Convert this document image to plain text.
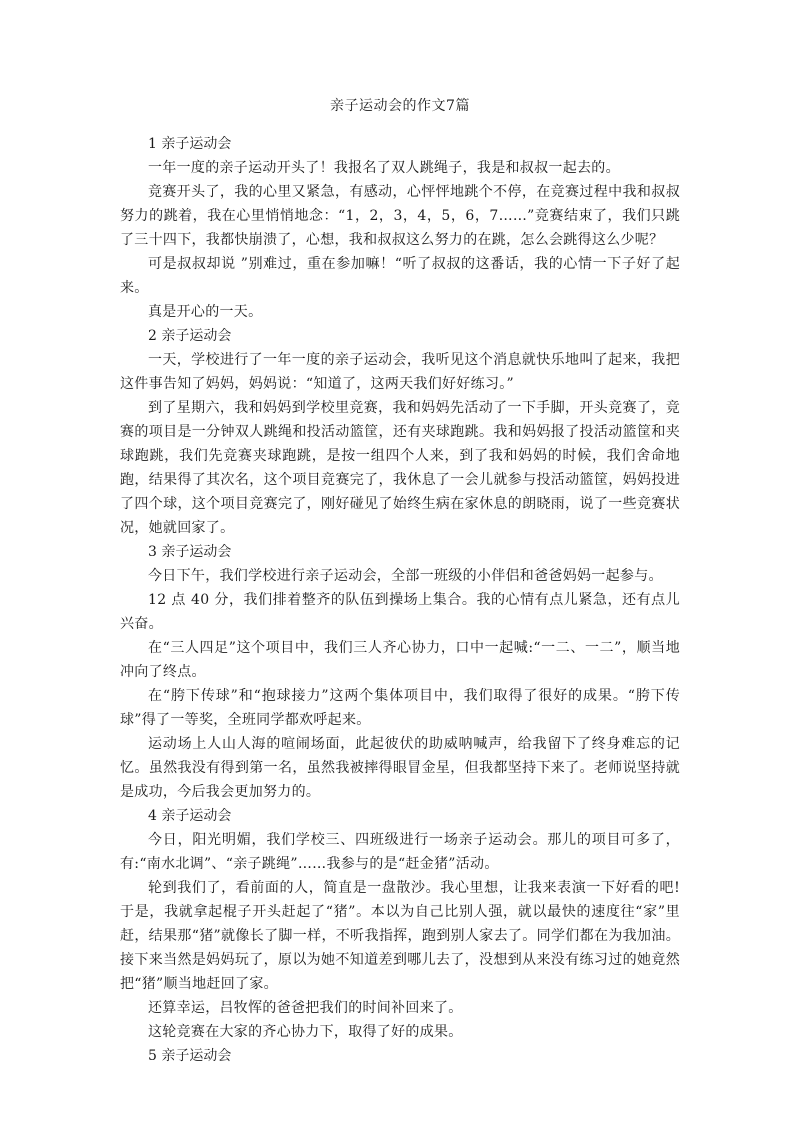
亲子运动会的作文7篇
1 亲子运动会

一年一度的亲子运动开头了！我报名了双人跳绳子，我是和叔叔一起去的。

竞赛开头了，我的心里又紧急，有感动，心怦怦地跳个不停，在竞赛过程中我和叔叔努力的跳着，我在心里悄悄地念：“1，2，3，4，5，6，7……”竞赛结束了，我们只跳了三十四下，我都快崩溃了，心想，我和叔叔这么努力的在跳，怎么会跳得这么少呢？

可是叔叔却说 ”别难过，重在参加嘛！“听了叔叔的这番话，我的心情一下子好了起来。

真是开心的一天。

2 亲子运动会

一天，学校进行了一年一度的亲子运动会，我听见这个消息就快乐地叫了起来，我把这件事告知了妈妈，妈妈说：“知道了，这两天我们好好练习。”

到了星期六，我和妈妈到学校里竞赛，我和妈妈先活动了一下手脚，开头竞赛了，竞赛的项目是一分钟双人跳绳和投活动篮筐，还有夹球跑跳。我和妈妈报了投活动篮筐和夹球跑跳，我们先竞赛夹球跑跳，是按一组四个人来，到了我和妈妈的时候，我们舍命地跑，结果得了其次名，这个项目竞赛完了，我休息了一会儿就参与投活动篮筐，妈妈投进了四个球，这个项目竞赛完了，刚好碰见了始终生病在家休息的朗晓雨，说了一些竞赛状况，她就回家了。

3 亲子运动会

今日下午，我们学校进行亲子运动会，全部一班级的小伴侣和爸爸妈妈一起参与。

12 点 40 分，我们排着整齐的队伍到操场上集合。我的心情有点儿紧急，还有点儿兴奋。

在“三人四足”这个项目中，我们三人齐心协力，口中一起喊:“一二、一二”，顺当地冲向了终点。

在“胯下传球”和“抱球接力”这两个集体项目中，我们取得了很好的成果。“胯下传球”得了一等奖，全班同学都欢呼起来。

运动场上人山人海的喧闹场面，此起彼伏的助威呐喊声，给我留下了终身难忘的记忆。虽然我没有得到第一名，虽然我被摔得眼冒金星，但我都坚持下来了。老师说坚持就是成功，今后我会更加努力的。

4 亲子运动会

今日，阳光明媚，我们学校三、四班级进行一场亲子运动会。那儿的项目可多了，有:“南水北调”、“亲子跳绳”……我参与的是“赶金猪”活动。

轮到我们了，看前面的人，简直是一盘散沙。我心里想，让我来表演一下好看的吧!于是，我就拿起棍子开头赶起了“猪”。本以为自己比别人强，就以最快的速度往“家”里赶，结果那“猪”就像长了脚一样，不听我指挥，跑到别人家去了。同学们都在为我加油。接下来当然是妈妈玩了，原以为她不知道差到哪儿去了，没想到从来没有练习过的她竟然把“猪”顺当地赶回了家。

还算幸运，吕牧恽的爸爸把我们的时间补回来了。

这轮竞赛在大家的齐心协力下，取得了好的成果。

5 亲子运动会
